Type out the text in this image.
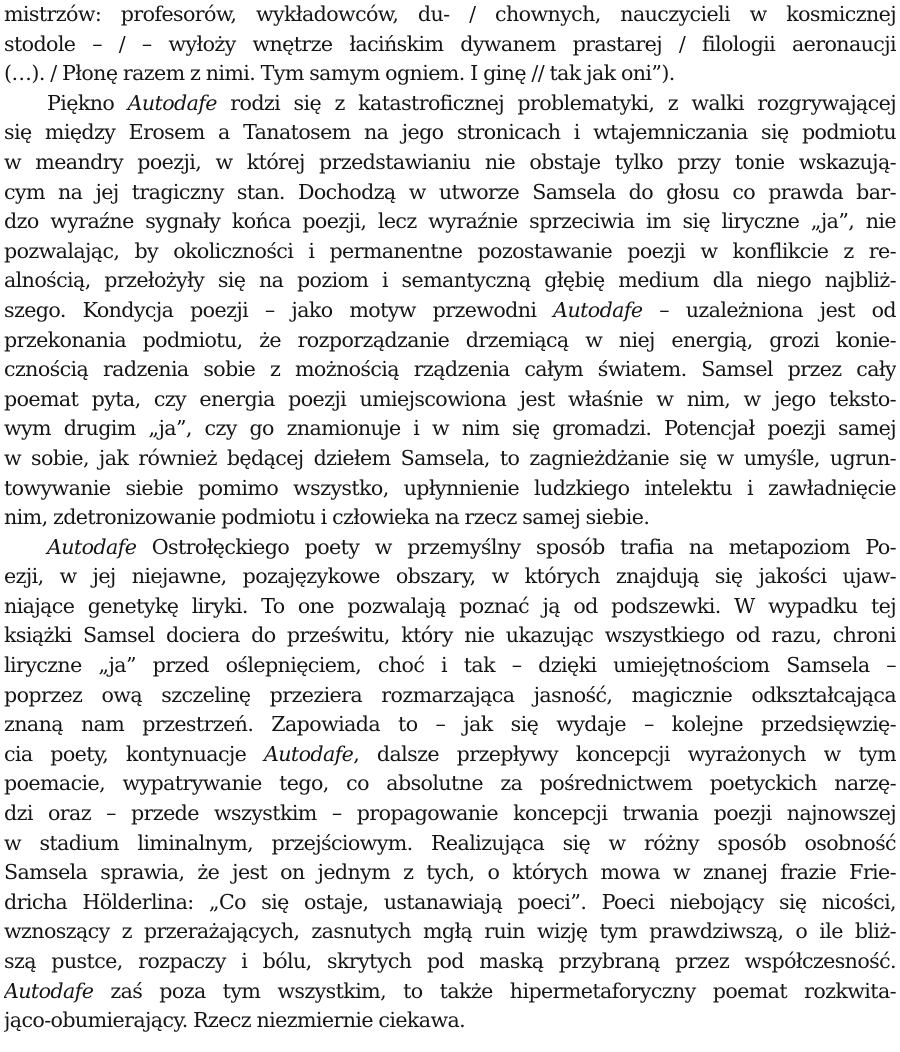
mistrzów: profesorów, wykładowców, du- / chownych, nauczycieli w kosmicznej
stodole – / – wyłoży wnętrze łacińskim dywanem prastarej / filologii aeronaucji
(…). / Płonę razem z nimi. Tym samym ogniem. I ginę // tak jak oni”).
Piękno Autodafe rodzi się z katastroficznej problematyki, z walki rozgrywającej
się między Erosem a Tanatosem na jego stronicach i wtajemniczania się podmiotu
w meandry poezji, w której przedstawianiu nie obstaje tylko przy tonie wskazują-
cym na jej tragiczny stan. Dochodzą w utworze Samsela do głosu co prawda bar-
dzo wyraźne sygnały końca poezji, lecz wyraźnie sprzeciwia im się liryczne „ja”, nie
pozwalając, by okoliczności i permanentne pozostawanie poezji w konflikcie z re-
alnością, przełożyły się na poziom i semantyczną głębię medium dla niego najbliż-
szego. Kondycja poezji – jako motyw przewodni Autodafe – uzależniona jest od
przekonania podmiotu, że rozporządzanie drzemiącą w niej energią, grozi konie-
cznością radzenia sobie z możnością rządzenia całym światem. Samsel przez cały
poemat pyta, czy energia poezji umiejscowiona jest właśnie w nim, w jego teksto-
wym drugim „ja”, czy go znamionuje i w nim się gromadzi. Potencjał poezji samej
w sobie, jak również będącej dziełem Samsela, to zagnieżdżanie się w umyśle, ugrun-
towywanie siebie pomimo wszystko, upłynnienie ludzkiego intelektu i zawładnięcie
nim, zdetronizowanie podmiotu i człowieka na rzecz samej siebie.
Autodafe Ostrołęckiego poety w przemyślny sposób trafia na metapoziom Po-
ezji, w jej niejawne, pozajęzykowe obszary, w których znajdują się jakości ujaw-
niające genetykę liryki. To one pozwalają poznać ją od podszewki. W wypadku tej
książki Samsel dociera do prześwitu, który nie ukazując wszystkiego od razu, chroni
liryczne „ja” przed oślepnięciem, choć i tak – dzięki umiejętnościom Samsela –
poprzez ową szczelinę przeziera rozmarzająca jasność, magicznie odkształcająca
znaną nam przestrzeń. Zapowiada to – jak się wydaje – kolejne przedsięwzię-
cia poety, kontynuacje Autodafe, dalsze przepływy koncepcji wyrażonych w tym
poemacie, wypatrywanie tego, co absolutne za pośrednictwem poetyckich narzę-
dzi oraz – przede wszystkim – propagowanie koncepcji trwania poezji najnowszej
w stadium liminalnym, przejściowym. Realizująca się w różny sposób osobność
Samsela sprawia, że jest on jednym z tych, o których mowa w znanej frazie Frie-
dricha Hölderlina: „Co się ostaje, ustanawiają poeci”. Poeci niebojący się nicości,
wznoszący z przerażających, zasnutych mgłą ruin wizję tym prawdziwszą, o ile bliż-
szą pustce, rozpaczy i bólu, skrytych pod maską przybraną przez współczesność.
Autodafe zaś poza tym wszystkim, to także hipermetaforyczny poemat rozkwita-
jąco-obumierający. Rzecz niezmiernie ciekawa.
